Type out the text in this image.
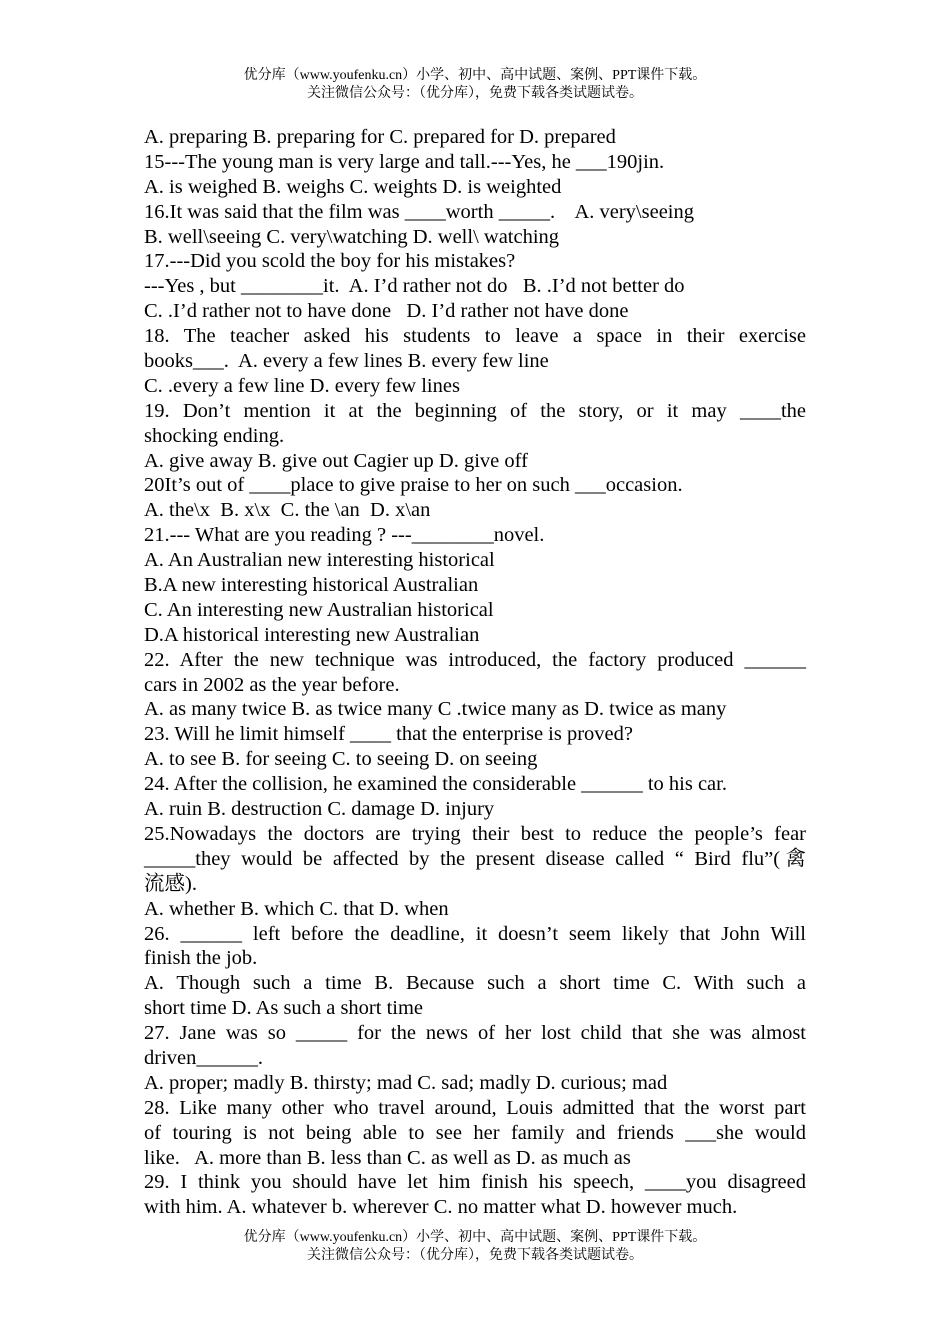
优分库（www.youfenku.cn）小学、初中、高中试题、案例、PPT课件下载。
关注微信公众号：（优分库），免费下载各类试题试卷。
A. preparing B. preparing for C. prepared for D. prepared
15---The young man is very large and tall.---Yes, he ___190jin.
A. is weighed B. weighs C. weights D. is weighted
16.It was said that the film was ____worth _____.    A. very\seeing
B. well\seeing C. very\watching D. well\ watching
17.---Did you scold the boy for his mistakes?
---Yes , but ________it.  A. I’d rather not do   B. .I’d not better do
C. .I’d rather not to have done   D. I’d rather not have done
18. The teacher asked his students to leave a space in their exercise
books___.  A. every a few lines B. every few line
C. .every a few line D. every few lines
19. Don’t mention it at the beginning of the story, or it may ____the
shocking ending.
A. give away B. give out Cagier up D. give off
20It’s out of ____place to give praise to her on such ___occasion.
A. the\x  B. x\x  C. the \an  D. x\an
21.--- What are you reading ? ---________novel.
A. An Australian new interesting historical
B.A new interesting historical Australian
C. An interesting new Australian historical
D.A historical interesting new Australian
22. After the new technique was introduced, the factory produced ______
cars in 2002 as the year before.
A. as many twice B. as twice many C .twice many as D. twice as many
23. Will he limit himself ____ that the enterprise is proved?
A. to see B. for seeing C. to seeing D. on seeing
24. After the collision, he examined the considerable ______ to his car.
A. ruin B. destruction C. damage D. injury
25.Nowadays the doctors are trying their best to reduce the people’s fear
_____they would be affected by the present disease called “ Bird flu”(禽
流感).
A. whether B. which C. that D. when
26. ______ left before the deadline, it doesn’t seem likely that John Will
finish the job.
A. Though such a time B. Because such a short time C. With such a
short time D. As such a short time
27. Jane was so _____ for the news of her lost child that she was almost
driven______.
A. proper; madly B. thirsty; mad C. sad; madly D. curious; mad
28. Like many other who travel around, Louis admitted that the worst part
of touring is not being able to see her family and friends ___she would
like.   A. more than B. less than C. as well as D. as much as
29. I think you should have let him finish his speech, ____you disagreed
with him. A. whatever b. wherever C. no matter what D. however much.
优分库（www.youfenku.cn）小学、初中、高中试题、案例、PPT课件下载。
关注微信公众号：（优分库），免费下载各类试题试卷。
